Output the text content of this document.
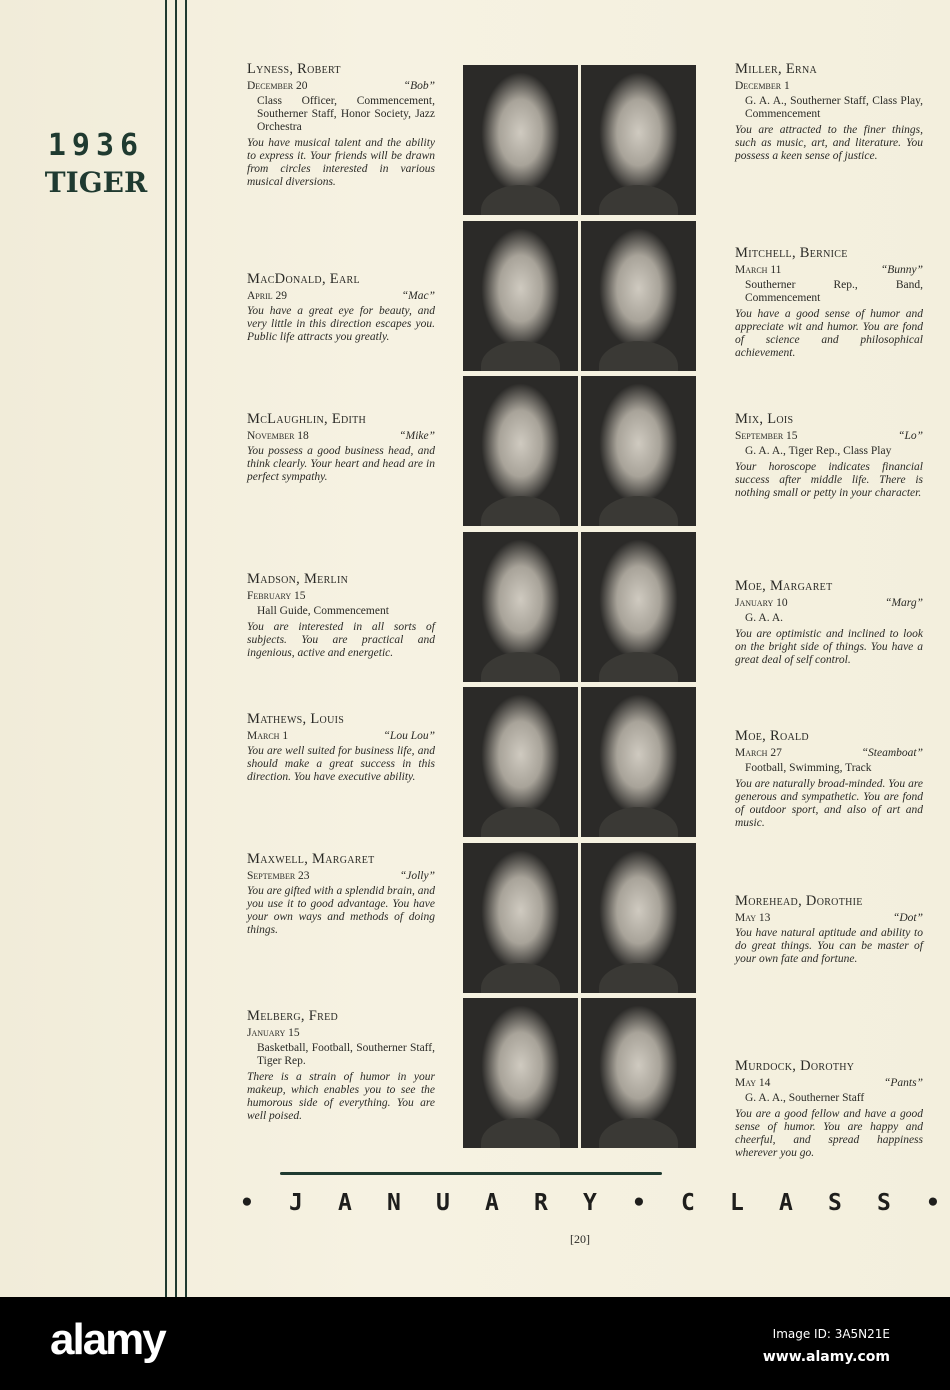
1936
TIGER
Lyness, Robert
December 20	“Bob”
Class Officer, Commencement, Southerner Staff, Honor Society, Jazz Orchestra
You have musical talent and the ability to express it. Your friends will be drawn from circles interested in various musical diversions.
MacDonald, Earl
April 29	“Mac”
You have a great eye for beauty, and very little in this direction escapes you. Public life attracts you greatly.
McLaughlin, Edith
November 18	“Mike”
You possess a good business head, and think clearly. Your heart and head are in perfect sympathy.
Madson, Merlin
February 15
Hall Guide, Commencement
You are interested in all sorts of subjects. You are practical and ingenious, active and energetic.
Mathews, Louis
March 1	“Lou Lou”
You are well suited for business life, and should make a great success in this direction. You have executive ability.
Maxwell, Margaret
September 23	“Jolly”
You are gifted with a splendid brain, and you use it to good advantage. You have your own ways and methods of doing things.
Melberg, Fred
January 15
Basketball, Football, Southerner Staff, Tiger Rep.
There is a strain of humor in your makeup, which enables you to see the humorous side of everything. You are well poised.
Miller, Erna
December 1
G. A. A., Southerner Staff, Class Play, Commencement
You are attracted to the finer things, such as music, art, and literature. You possess a keen sense of justice.
Mitchell, Bernice
March 11	“Bunny”
Southerner Rep., Band, Commencement
You have a good sense of humor and appreciate wit and humor. You are fond of science and philosophical achievement.
Mix, Lois
September 15	“Lo”
G. A. A., Tiger Rep., Class Play
Your horoscope indicates financial success after middle life. There is nothing small or petty in your character.
Moe, Margaret
January 10	“Marg”
G. A. A.
You are optimistic and inclined to look on the bright side of things. You have a great deal of self control.
Moe, Roald
March 27	“Steamboat”
Football, Swimming, Track
You are naturally broad-minded. You are generous and sympathetic. You are fond of outdoor sport, and also of art and music.
Morehead, Dorothie
May 13	“Dot”
You have natural aptitude and ability to do great things. You can be master of your own fate and fortune.
Murdock, Dorothy
May 14	“Pants”
G. A. A., Southerner Staff
You are a good fellow and have a good sense of humor. You are happy and cheerful, and spread happiness wherever you go.
• J A N U A R Y • C L A S S •
[20]
alamy	Image ID: 3A5N21E
www.alamy.com
